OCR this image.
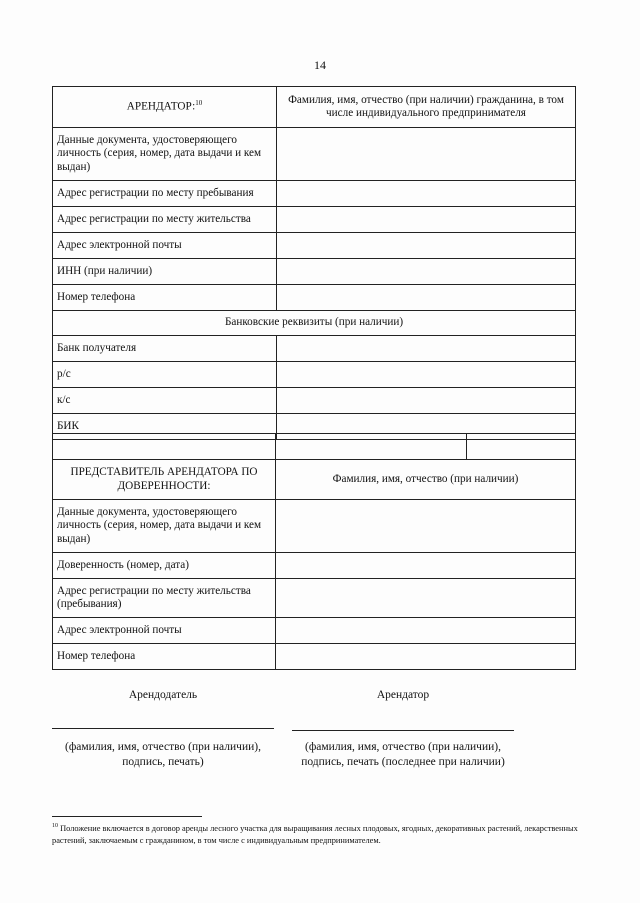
14
АРЕНДАТОР:$^{10}$	Фамилия, имя, отчество (при наличии) гражданина, в том числе индивидуального предпринимателя
Данные документа, удостоверяющего личность (серия, номер, дата выдачи и кем выдан)	
Адрес регистрации по месту пребывания	
Адрес регистрации по месту жительства	
Адрес электронной почты	
ИНН (при наличии)	
Номер телефона	
Банковские реквизиты (при наличии)	
Банк получателя	
р/с	
к/с	
БИК	

ПРЕДСТАВИТЕЛЬ АРЕНДАТОРА ПО ДОВЕРЕННОСТИ:	Фамилия, имя, отчество (при наличии)
Данные документа, удостоверяющего личность (серия, номер, дата выдачи и кем выдан)	
Доверенность (номер, дата)	
Адрес регистрации по месту жительства (пребывания)	
Адрес электронной почты	
Номер телефона	
Арендодатель
(фамилия, имя, отчество (при наличии), подпись, печать)
Арендатор
(фамилия, имя, отчество (при наличии), подпись, печать (последнее при наличии)
$^{10}$ Положение включается в договор аренды лесного участка для выращивания лесных плодовых, ягодных, декоративных растений, лекарственных растений, заключаемым с гражданином, в том числе с индивидуальным предпринимателем.
